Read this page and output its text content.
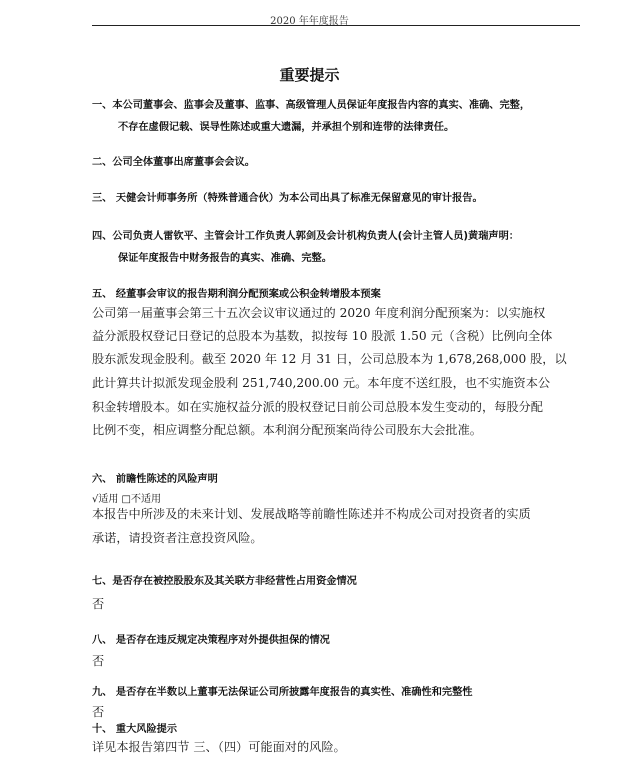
2020 年年度报告
重要提示
一、本公司董事会、监事会及董事、监事、高级管理人员保证年度报告内容的真实、准确、完整，
不存在虚假记载、误导性陈述或重大遗漏，并承担个别和连带的法律责任。
二、公司全体董事出席董事会会议。
三、 天健会计师事务所（特殊普通合伙）为本公司出具了标准无保留意见的审计报告。
四、公司负责人雷钦平、主管会计工作负责人郭剑及会计机构负责人(会计主管人员)黄瑞声明：
保证年度报告中财务报告的真实、准确、完整。
五、 经董事会审议的报告期利润分配预案或公积金转增股本预案
公司第一届董事会第三十五次会议审议通过的 2020 年度利润分配预案为：以实施权
益分派股权登记日登记的总股本为基数，拟按每 10 股派 1.50 元（含税）比例向全体
股东派发现金股利。截至 2020 年 12 月 31 日，公司总股本为 1,678,268,000 股，以
此计算共计拟派发现金股利 251,740,200.00 元。本年度不送红股，也不实施资本公
积金转增股本。如在实施权益分派的股权登记日前公司总股本发生变动的，每股分配
比例不变，相应调整分配总额。本利润分配预案尚待公司股东大会批准。
六、 前瞻性陈述的风险声明
√适用 □不适用
本报告中所涉及的未来计划、发展战略等前瞻性陈述并不构成公司对投资者的实质
承诺，请投资者注意投资风险。
七、是否存在被控股股东及其关联方非经营性占用资金情况
否
八、 是否存在违反规定决策程序对外提供担保的情况
否
九、 是否存在半数以上董事无法保证公司所披露年度报告的真实性、准确性和完整性
否
十、 重大风险提示
详见本报告第四节 三、（四）可能面对的风险。
